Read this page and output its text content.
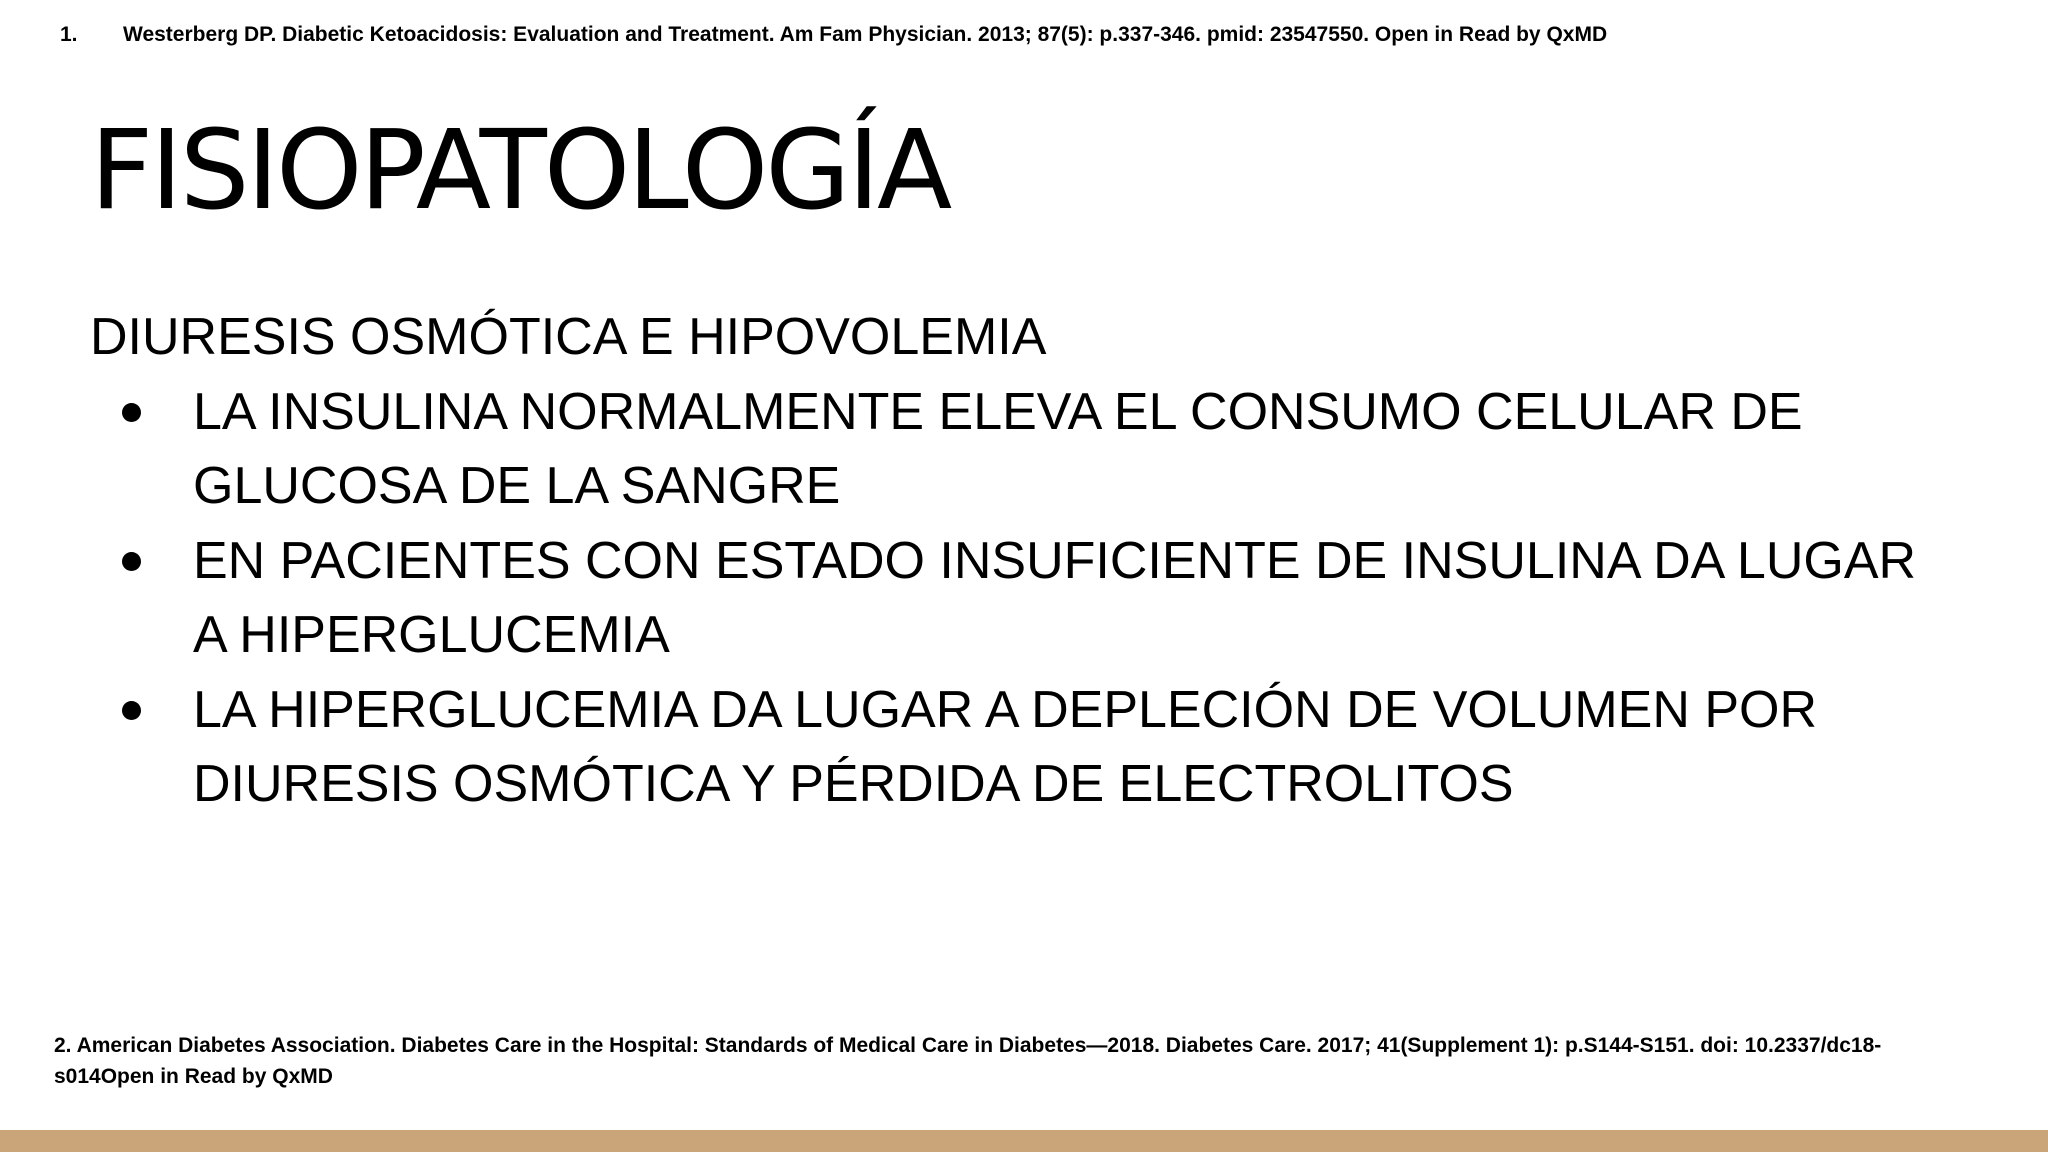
1. Westerberg DP. Diabetic Ketoacidosis: Evaluation and Treatment. Am Fam Physician. 2013; 87(5): p.337-346. pmid: 23547550. Open in Read by QxMD
FISIOPATOLOGÍA

DIURESIS OSMÓTICA E HIPOVOLEMIA

LA INSULINA NORMALMENTE ELEVA EL CONSUMO CELULAR DE GLUCOSA DE LA SANGRE
EN PACIENTES CON ESTADO INSUFICIENTE DE INSULINA DA LUGAR A HIPERGLUCEMIA
LA HIPERGLUCEMIA DA LUGAR A DEPLECIÓN DE VOLUMEN POR DIURESIS OSMÓTICA Y PÉRDIDA DE ELECTROLITOS
2. American Diabetes Association. Diabetes Care in the Hospital: Standards of Medical Care in Diabetes—2018. Diabetes Care. 2017; 41(Supplement 1): p.S144-S151. doi: 10.2337/dc18-s014Open in Read by QxMD
